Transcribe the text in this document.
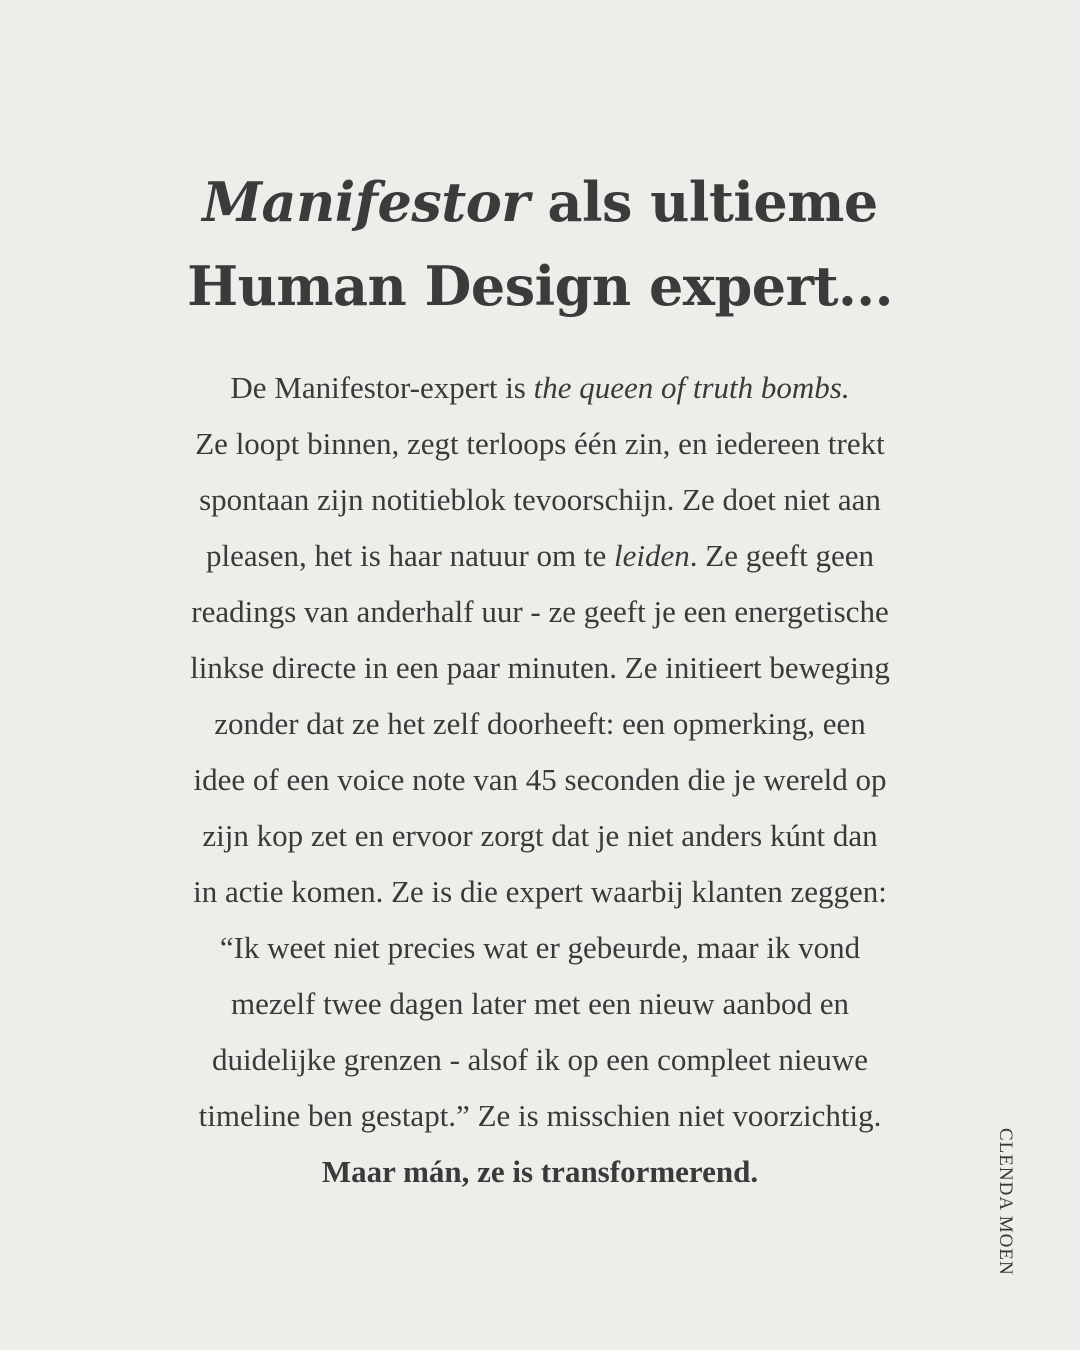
Manifestor als ultieme
Human Design expert...
De Manifestor-expert is the queen of truth bombs.
Ze loopt binnen, zegt terloops één zin, en iedereen trekt
spontaan zijn notitieblok tevoorschijn. Ze doet niet aan
pleasen, het is haar natuur om te leiden. Ze geeft geen
readings van anderhalf uur - ze geeft je een energetische
linkse directe in een paar minuten. Ze initieert beweging
zonder dat ze het zelf doorheeft: een opmerking, een
idee of een voice note van 45 seconden die je wereld op
zijn kop zet en ervoor zorgt dat je niet anders kúnt dan
in actie komen. Ze is die expert waarbij klanten zeggen:
“Ik weet niet precies wat er gebeurde, maar ik vond
mezelf twee dagen later met een nieuw aanbod en
duidelijke grenzen - alsof ik op een compleet nieuwe
timeline ben gestapt.” Ze is misschien niet voorzichtig.
Maar mán, ze is transformerend.	CLENDA MOEN
